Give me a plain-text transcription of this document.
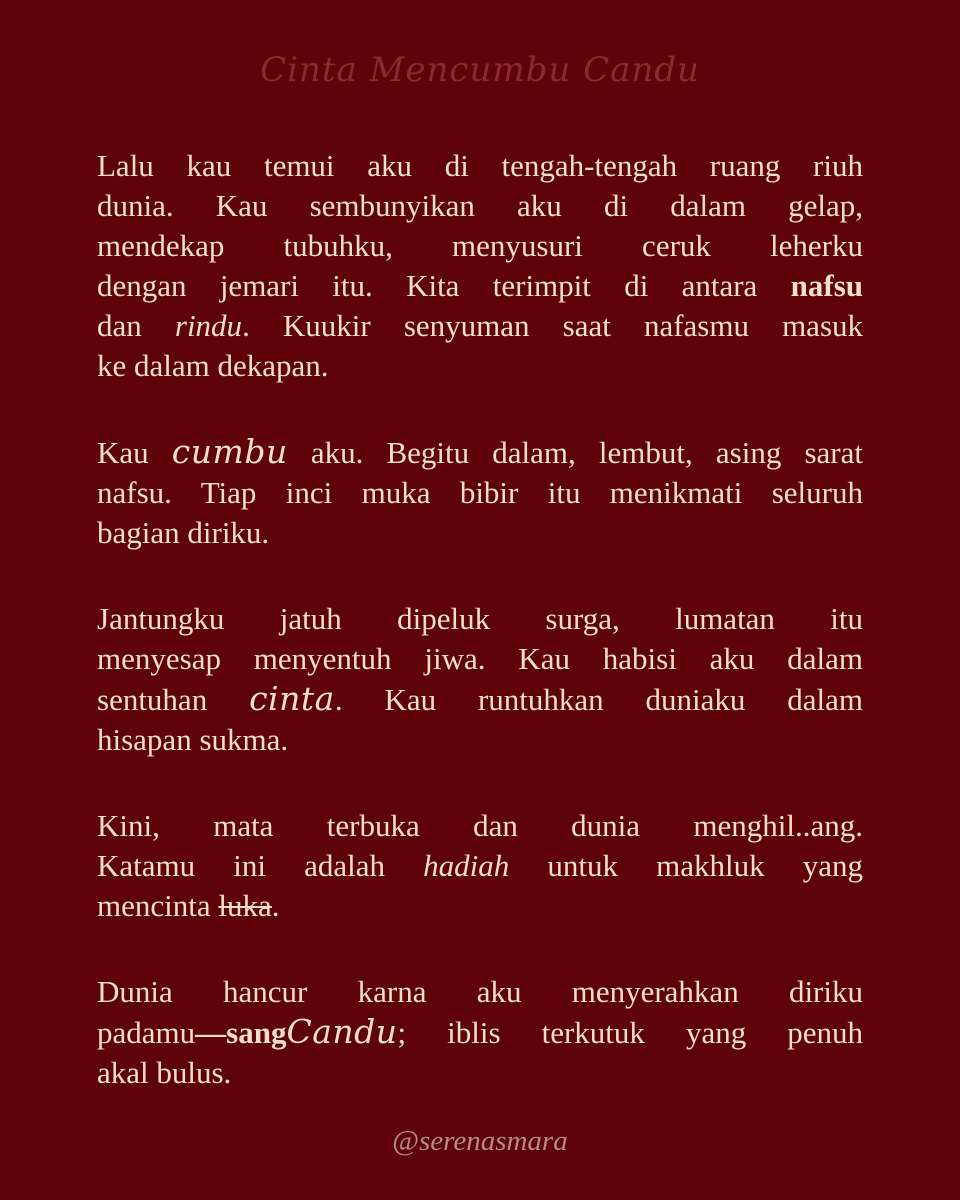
Cinta Mencumbu Candu

Lalu kau temui aku di tengah-tengah ruang riuh
dunia. Kau sembunyikan aku di dalam gelap,
mendekap tubuhku, menyusuri ceruk leherku
dengan jemari itu. Kita terimpit di antara nafsu
dan rindu. Kuukir senyuman saat nafasmu masuk
ke dalam dekapan.

Kau cumbu aku. Begitu dalam, lembut, asing sarat
nafsu. Tiap inci muka bibir itu menikmati seluruh
bagian diriku.

Jantungku jatuh dipeluk surga, lumatan itu
menyesap menyentuh jiwa. Kau habisi aku dalam
sentuhan cinta. Kau runtuhkan duniaku dalam
hisapan sukma.

Kini, mata terbuka dan dunia menghil..ang.
Katamu ini adalah hadiah untuk makhluk yang
mencinta luka.

Dunia hancur karna aku menyerahkan diriku
padamu—sangCandu; iblis terkutuk yang penuh
akal bulus.

@serenasmara
